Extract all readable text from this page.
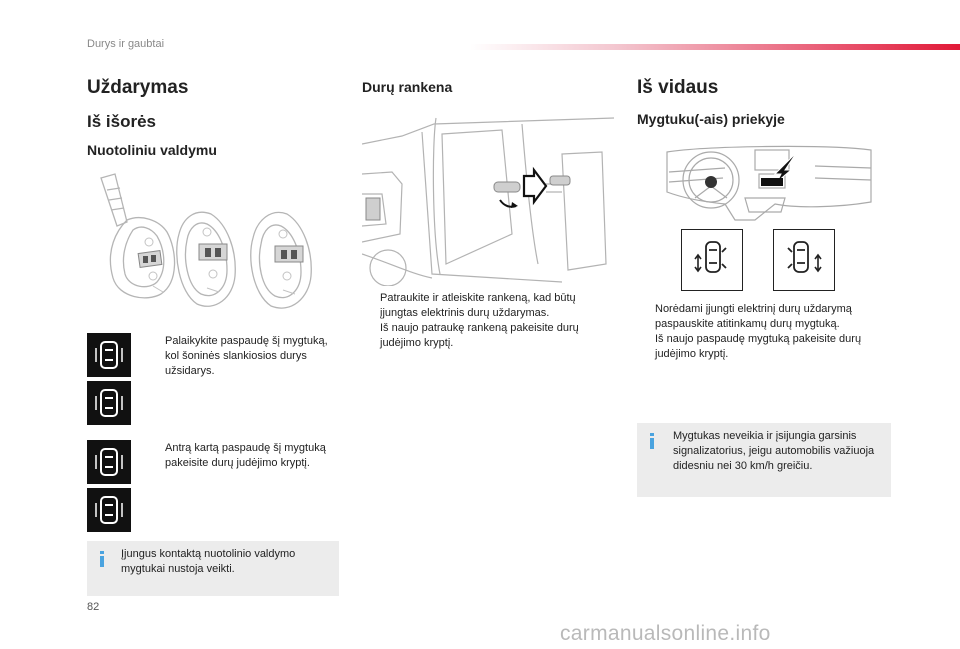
Durys ir gaubtai
Uždarymas
Iš išorės
Nuotoliniu valdymu
Palaikykite paspaudę šį mygtuką, kol šoninės slankiosios durys užsidarys.
Antrą kartą paspaudę šį mygtuką pakeisite durų judėjimo kryptį.
Įjungus kontaktą nuotolinio valdymo mygtukai nustoja veikti.
Durų rankena
Patraukite ir atleiskite rankeną, kad būtų įjungtas elektrinis durų uždarymas.
Iš naujo patraukę rankeną pakeisite durų judėjimo kryptį.
Iš vidaus
Mygtuku(-ais) priekyje
Norėdami įjungti elektrinį durų uždarymą paspauskite atitinkamų durų mygtuką.
Iš naujo paspaudę mygtuką pakeisite durų judėjimo kryptį.
Mygtukas neveikia ir įsijungia garsinis signalizatorius, jeigu automobilis važiuoja didesniu nei 30 km/h greičiu.
82
carmanualsonline.info
